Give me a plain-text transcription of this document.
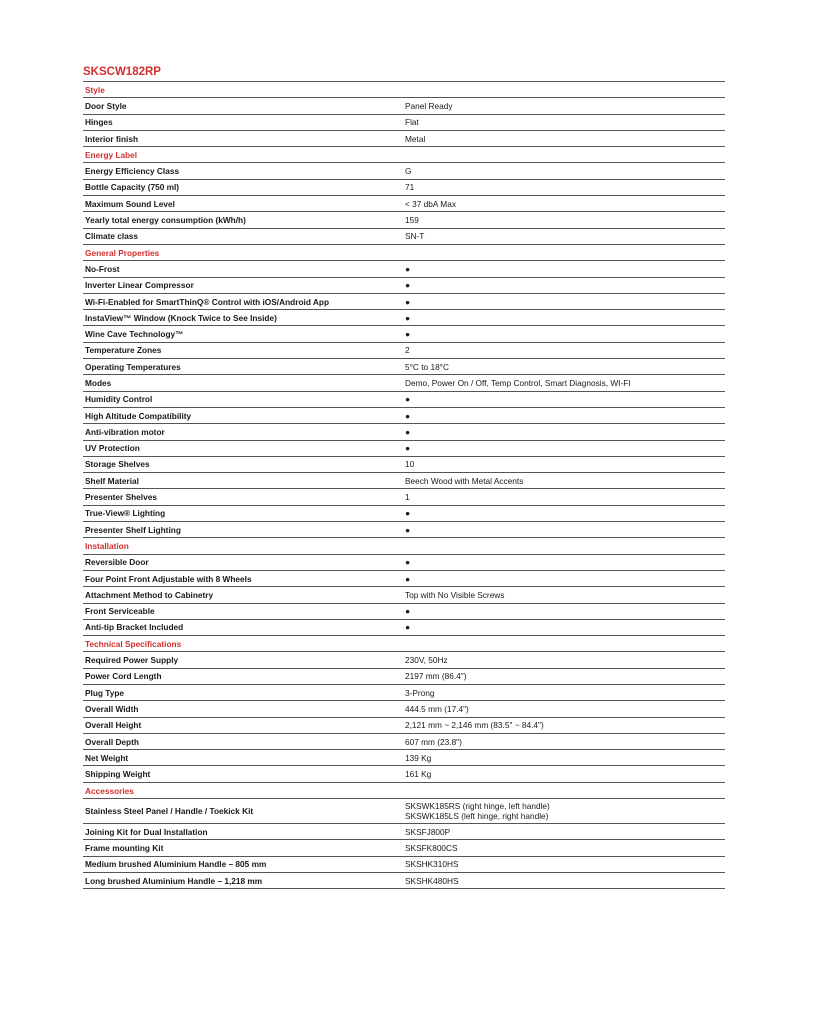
SKSCW182RP
Style
Door Style	Panel Ready
Hinges	Flat
Interior finish	Metal
Energy Label
Energy Efficiency Class	G
Bottle Capacity (750 ml)	71
Maximum Sound Level	< 37 dbA Max
Yearly total energy consumption (kWh/h)	159
Climate class	SN-T
General Properties
No-Frost	●
Inverter Linear Compressor	●
Wi-Fi-Enabled for SmartThinQ® Control with iOS/Android App	●
InstaView™ Window (Knock Twice to See Inside)	●
Wine Cave Technology™	●
Temperature Zones	2
Operating Temperatures	5°C to 18°C
Modes	Demo, Power On / Off, Temp Control, Smart Diagnosis, WI-FI
Humidity Control	●
High Altitude Compatibility	●
Anti-vibration motor	●
UV Protection	●
Storage Shelves	10
Shelf Material	Beech Wood with Metal Accents
Presenter Shelves	1
True-View® Lighting	●
Presenter Shelf Lighting	●
Installation
Reversible Door	●
Four Point Front Adjustable with 8 Wheels	●
Attachment Method to Cabinetry	Top with No Visible Screws
Front Serviceable	●
Anti-tip Bracket Included	●
Technical Specifications
Required Power Supply	230V, 50Hz
Power Cord Length	2197 mm (86.4")
Plug Type	3-Prong
Overall Width	444.5 mm (17.4")
Overall Height	2,121 mm ~ 2,146 mm (83.5" ~ 84.4")
Overall Depth	607 mm (23.8")
Net Weight	139 Kg
Shipping Weight	161 Kg
Accessories
Stainless Steel Panel / Handle / Toekick Kit	SKSWK185RS (right hinge, left handle)
SKSWK185LS (left hinge, right handle)
Joining Kit for Dual Installation	SKSFJ800P
Frame mounting Kit	SKSFK800CS
Medium brushed Aluminium Handle – 805 mm	SKSHK310HS
Long brushed Aluminium Handle – 1,218 mm	SKSHK480HS
